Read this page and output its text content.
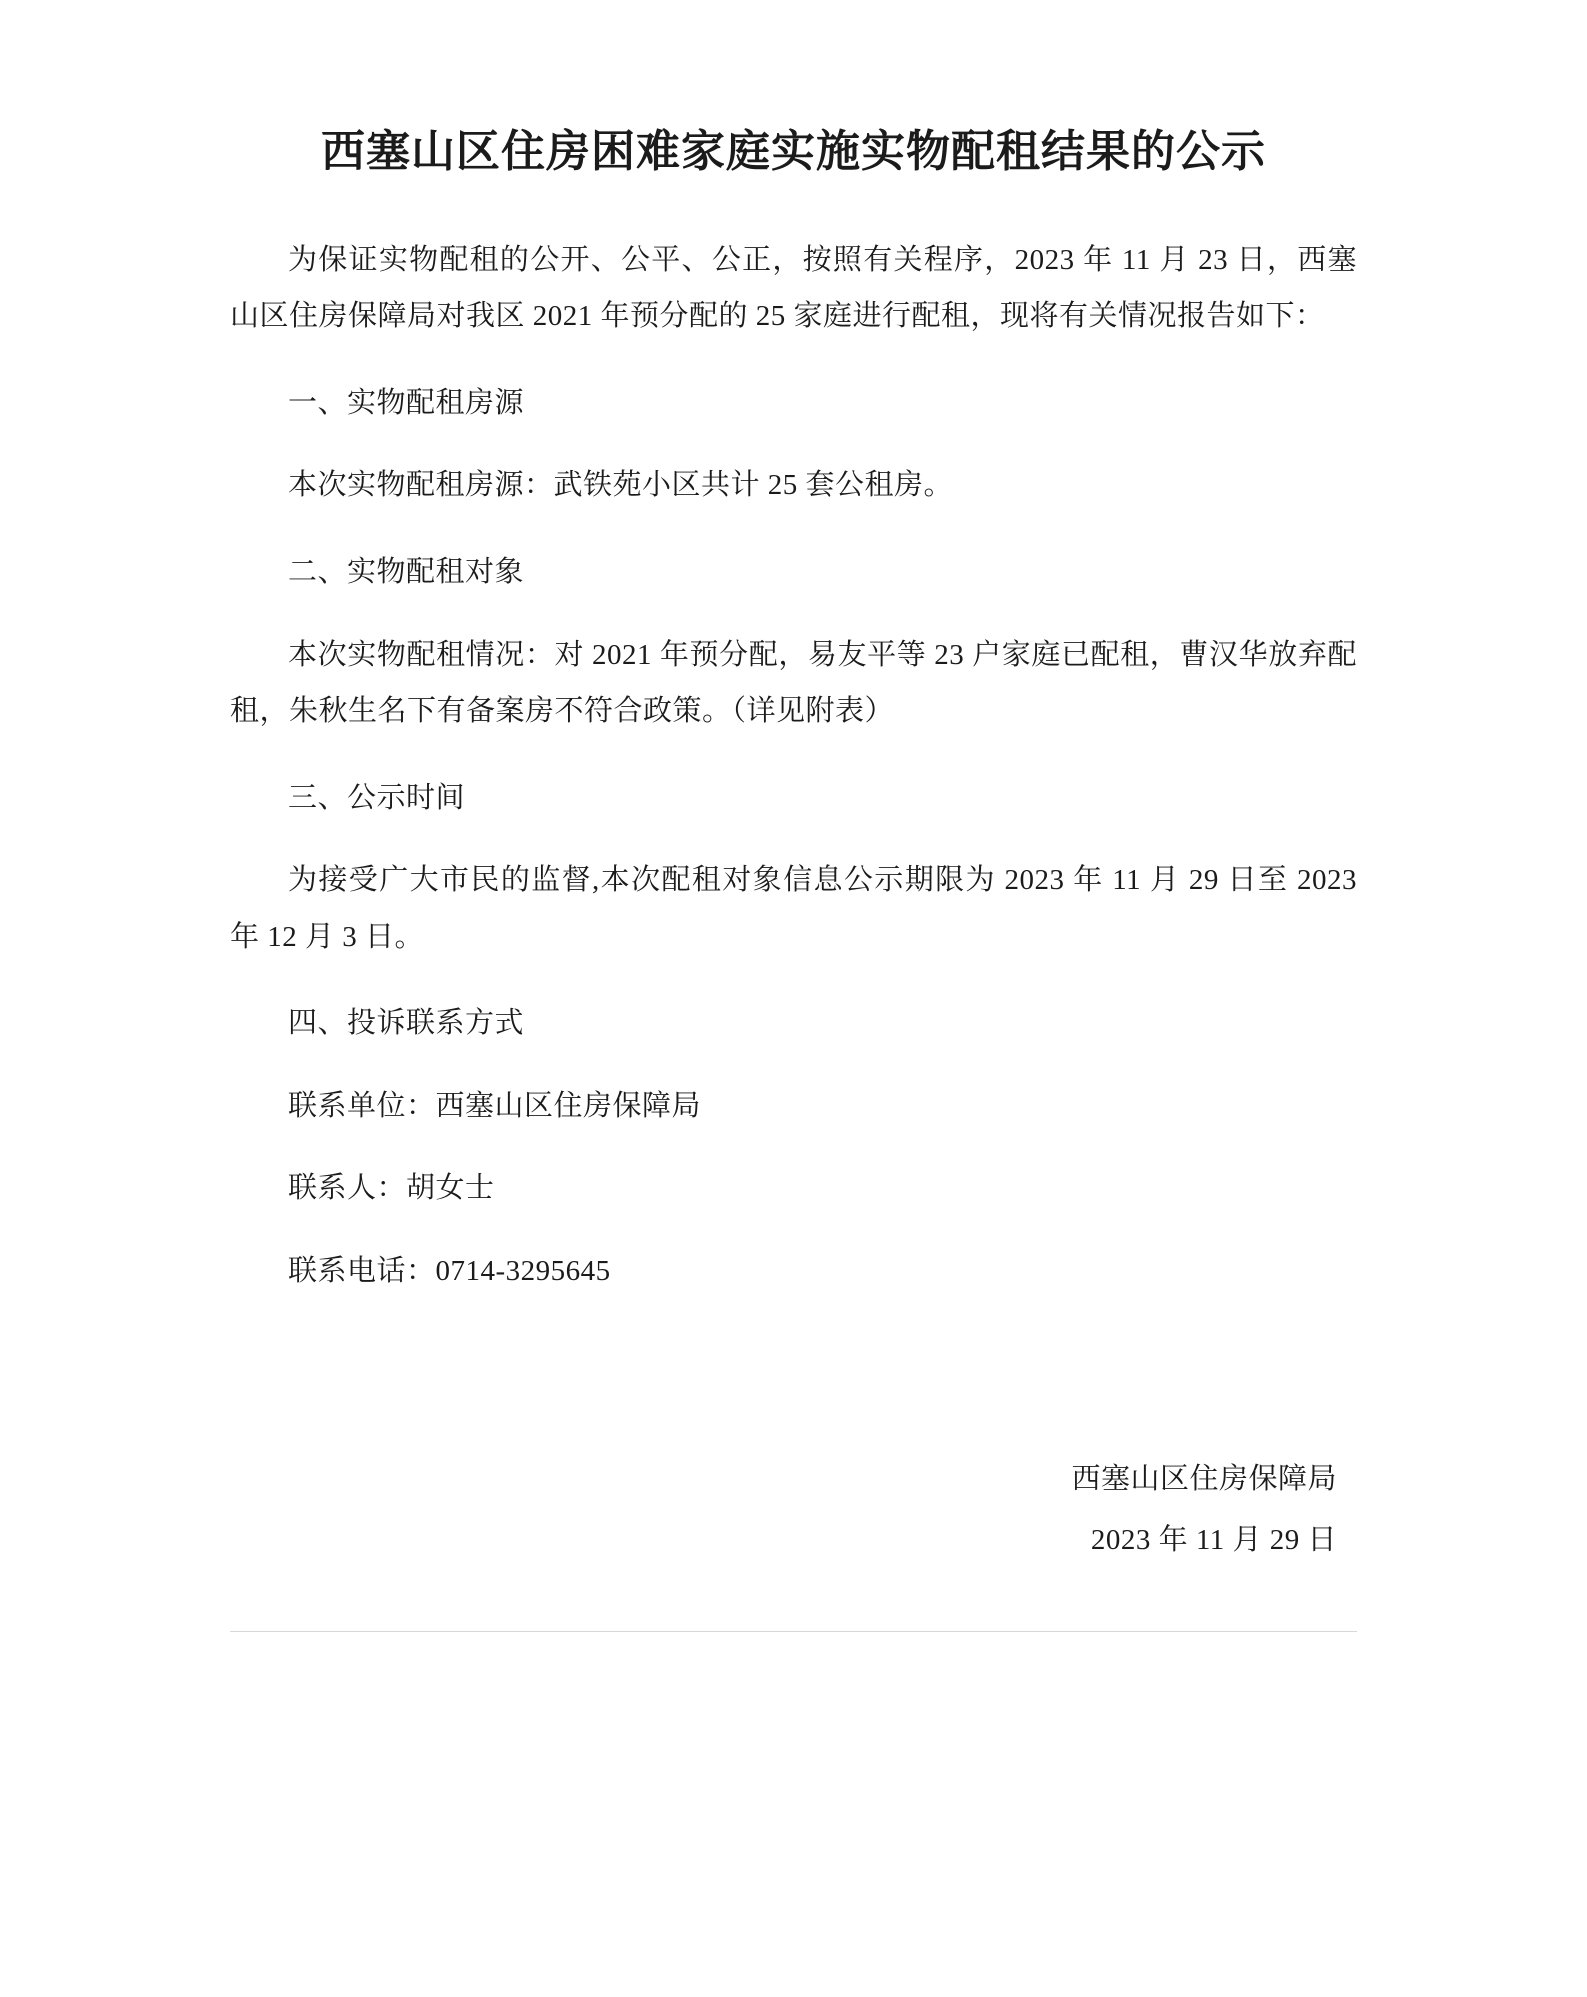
西塞山区住房困难家庭实施实物配租结果的公示

为保证实物配租的公开、公平、公正，按照有关程序，2023 年 11 月 23 日，西塞山区住房保障局对我区 2021 年预分配的 25 家庭进行配租，现将有关情况报告如下：

一、实物配租房源

本次实物配租房源：武铁苑小区共计 25 套公租房。

二、实物配租对象

本次实物配租情况：对 2021 年预分配，易友平等 23 户家庭已配租，曹汉华放弃配租，朱秋生名下有备案房不符合政策。（详见附表）

三、公示时间

为接受广大市民的监督,本次配租对象信息公示期限为 2023 年 11 月 29 日至 2023 年 12 月 3 日。

四、投诉联系方式

联系单位：西塞山区住房保障局

联系人：胡女士

联系电话：0714-3295645

西塞山区住房保障局
2023 年 11 月 29 日
